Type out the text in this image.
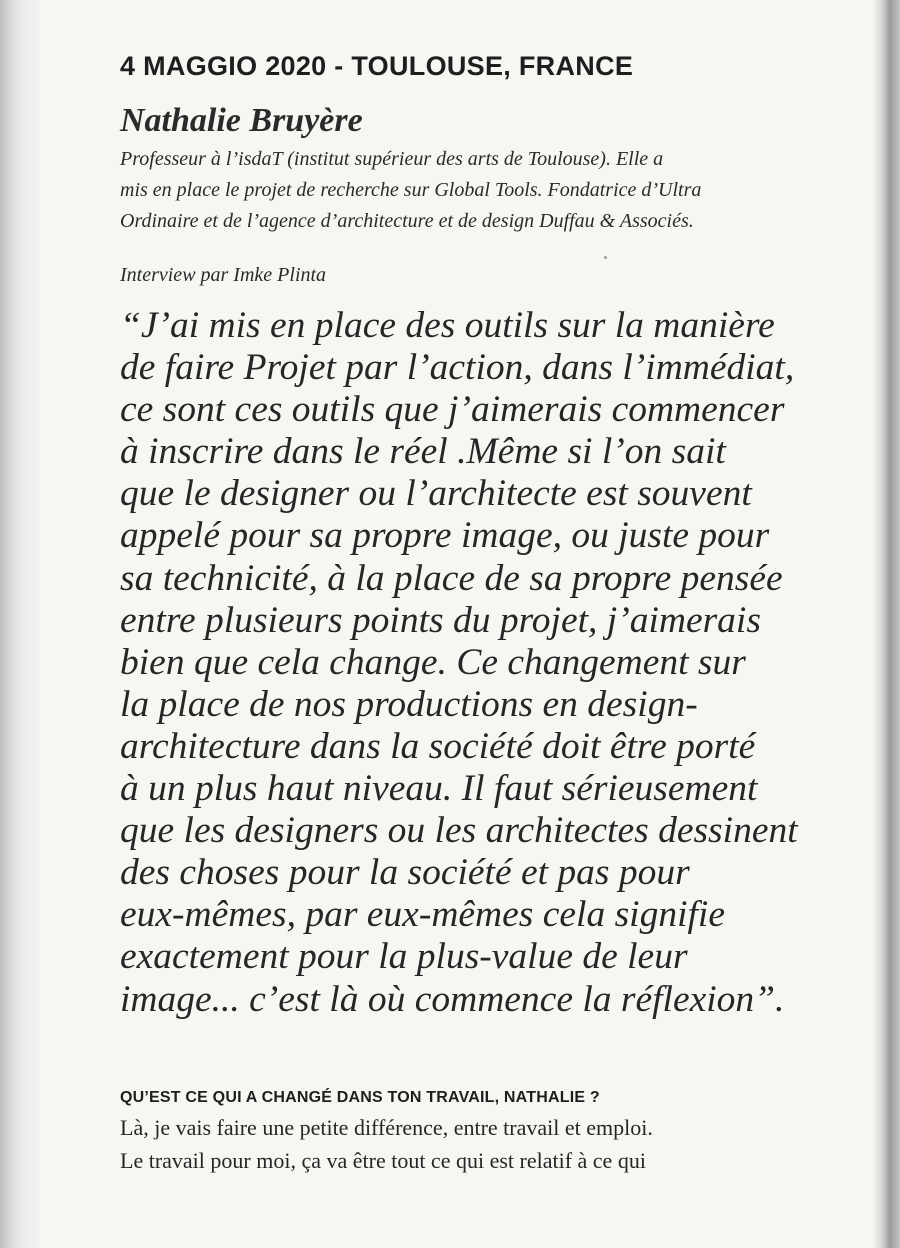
4 MAGGIO 2020 - TOULOUSE, FRANCE
Nathalie Bruyère

Professeur à l’isdaT (institut supérieur des arts de Toulouse). Elle a
mis en place le projet de recherche sur Global Tools. Fondatrice d’Ultra
Ordinaire et de l’agence d’architecture et de design Duffau & Associés.

Interview par Imke Plinta

“J’ai mis en place des outils sur la manière
de faire Projet par l’action, dans l’immédiat,
ce sont ces outils que j’aimerais commencer
à inscrire dans le réel .Même si l’on sait
que le designer ou l’architecte est souvent
appelé pour sa propre image, ou juste pour
sa technicité, à la place de sa propre pensée
entre plusieurs points du projet, j’aimerais
bien que cela change. Ce changement sur
la place de nos productions en design-
architecture dans la société doit être porté
à un plus haut niveau. Il faut sérieusement
que les designers ou les architectes dessinent
des choses pour la société et pas pour
eux-mêmes, par eux-mêmes cela signifie
exactement pour la plus-value de leur
image... c’est là où commence la réflexion”.
QU’EST CE QUI A CHANGÉ DANS TON TRAVAIL, NATHALIE ?

Là, je vais faire une petite différence, entre travail et emploi.
Le travail pour moi, ça va être tout ce qui est relatif à ce qui
